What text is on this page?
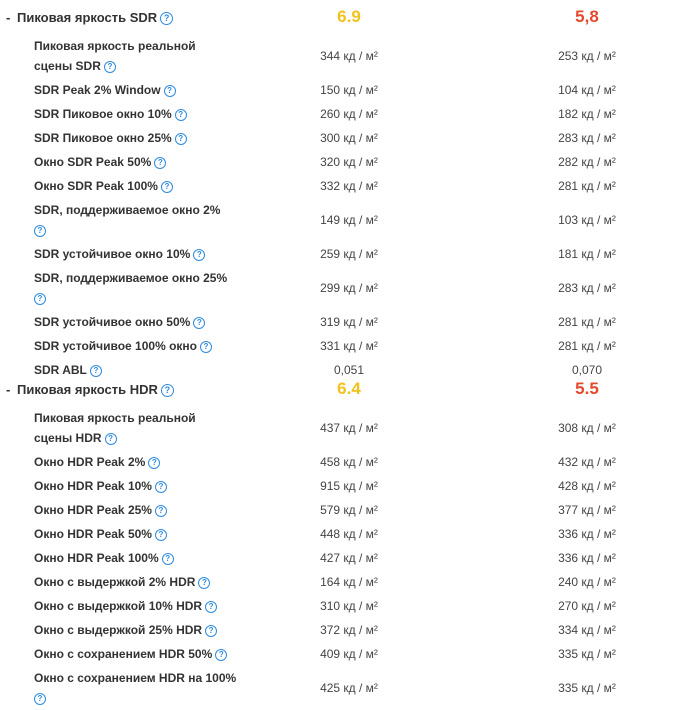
- Пиковая яркость SDR ?	6.9	5,8
Пиковая яркость реальной
сцены SDR ?
344 кд / м²	253 кд / м²
SDR Peak 2% Window ?	150 кд / м²	104 кд / м²
SDR Пиковое окно 10% ?	260 кд / м²	182 кд / м²
SDR Пиковое окно 25% ?	300 кд / м²	283 кд / м²
Окно SDR Peak 50% ?	320 кд / м²	282 кд / м²
Окно SDR Peak 100% ?	332 кд / м²	281 кд / м²
SDR, поддерживаемое окно 2%
?
149 кд / м²	103 кд / м²
SDR устойчивое окно 10% ?	259 кд / м²	181 кд / м²
SDR, поддерживаемое окно 25%
?
299 кд / м²	283 кд / м²
SDR устойчивое окно 50% ?	319 кд / м²	281 кд / м²
SDR устойчивое 100% окно ?	331 кд / м²	281 кд / м²
SDR ABL ?	0,051	0,070
- Пиковая яркость HDR ?	6.4	5.5
Пиковая яркость реальной
сцены HDR ?
437 кд / м²	308 кд / м²
Окно HDR Peak 2% ?	458 кд / м²	432 кд / м²
Окно HDR Peak 10% ?	915 кд / м²	428 кд / м²
Окно HDR Peak 25% ?	579 кд / м²	377 кд / м²
Окно HDR Peak 50% ?	448 кд / м²	336 кд / м²
Окно HDR Peak 100% ?	427 кд / м²	336 кд / м²
Окно с выдержкой 2% HDR ?	164 кд / м²	240 кд / м²
Окно с выдержкой 10% HDR ?	310 кд / м²	270 кд / м²
Окно с выдержкой 25% HDR ?	372 кд / м²	334 кд / м²
Окно с сохранением HDR 50% ?	409 кд / м²	335 кд / м²
Окно с сохранением HDR на 100%
?
425 кд / м²	335 кд / м²
